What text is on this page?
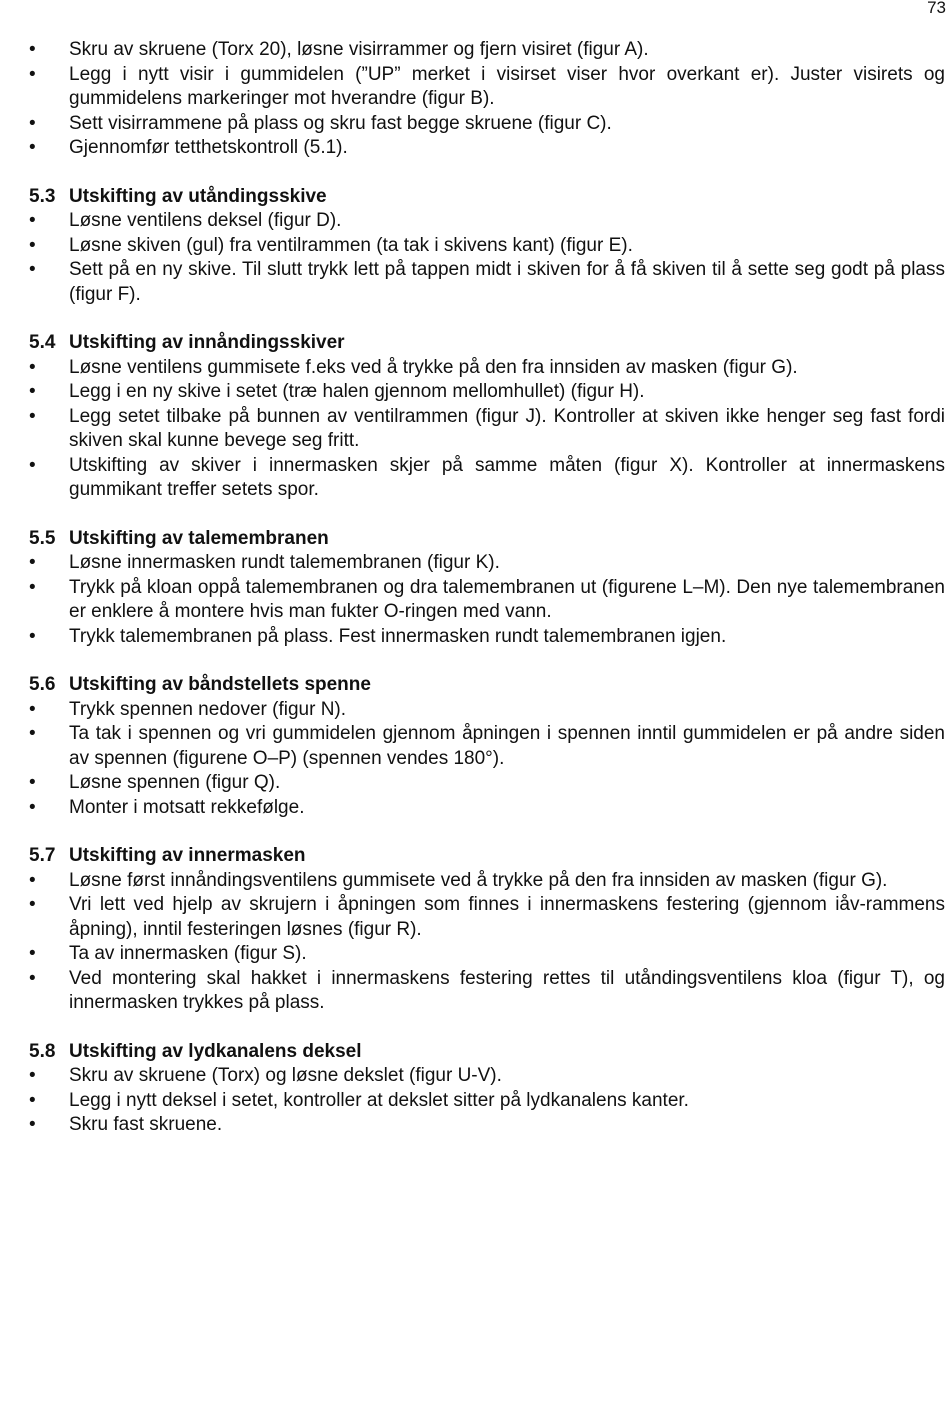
73
• Skru av skruene (Torx 20), løsne visirrammer og fjern visiret (figur A).
• Legg i nytt visir i gummidelen (”UP” merket i visirset viser hvor overkant er). Juster visirets og gummidelens markeringer mot hverandre (figur B).
• Sett visirrammene på plass og skru fast begge skruene (figur C).
• Gjennomfør tetthetskontroll (5.1).
5.3 Utskifting av utåndingsskive
• Løsne ventilens deksel (figur D).
• Løsne skiven (gul) fra ventilrammen (ta tak i skivens kant) (figur E).
• Sett på en ny skive. Til slutt trykk lett på tappen midt i skiven for å få skiven til å sette seg godt på plass (figur F).
5.4 Utskifting av innåndingsskiver
• Løsne ventilens gummisete f.eks ved å trykke på den fra innsiden av masken (figur G).
• Legg i en ny skive i setet (træ halen gjennom mellomhullet) (figur H).
• Legg setet tilbake på bunnen av ventilrammen (figur J). Kontroller at skiven ikke henger seg fast fordi skiven skal kunne bevege seg fritt.
• Utskifting av skiver i innermasken skjer på samme måten (figur X). Kontroller at innermaskens gummikant treffer setets spor.
5.5 Utskifting av talemembranen
• Løsne innermasken rundt talemembranen (figur K).
• Trykk på kloan oppå talemembranen og dra talemembranen ut (figurene L–M). Den nye talemembranen er enklere å montere hvis man fukter O-ringen med vann.
• Trykk talemembranen på plass. Fest innermasken rundt talemembranen igjen.
5.6 Utskifting av båndstellets spenne
• Trykk spennen nedover (figur N).
• Ta tak i spennen og vri gummidelen gjennom åpningen i spennen inntil gummidelen er på andre siden av spennen (figurene O–P) (spennen vendes 180°).
• Løsne spennen (figur Q).
• Monter i motsatt rekkefølge.
5.7 Utskifting av innermasken
• Løsne først innåndingsventilens gummisete ved å trykke på den fra innsiden av masken (figur G).
• Vri lett ved hjelp av skrujern i åpningen som finnes i innermaskens festering (gjennom iåv-rammens åpning), inntil festeringen løsnes (figur R).
• Ta av innermasken (figur S).
• Ved montering skal hakket i innermaskens festering rettes til utåndingsventilens kloa (figur T), og innermasken trykkes på plass.
5.8 Utskifting av lydkanalens deksel
• Skru av skruene (Torx) og løsne dekslet (figur U-V).
• Legg i nytt deksel i setet, kontroller at dekslet sitter på lydkanalens kanter.
• Skru fast skruene.
